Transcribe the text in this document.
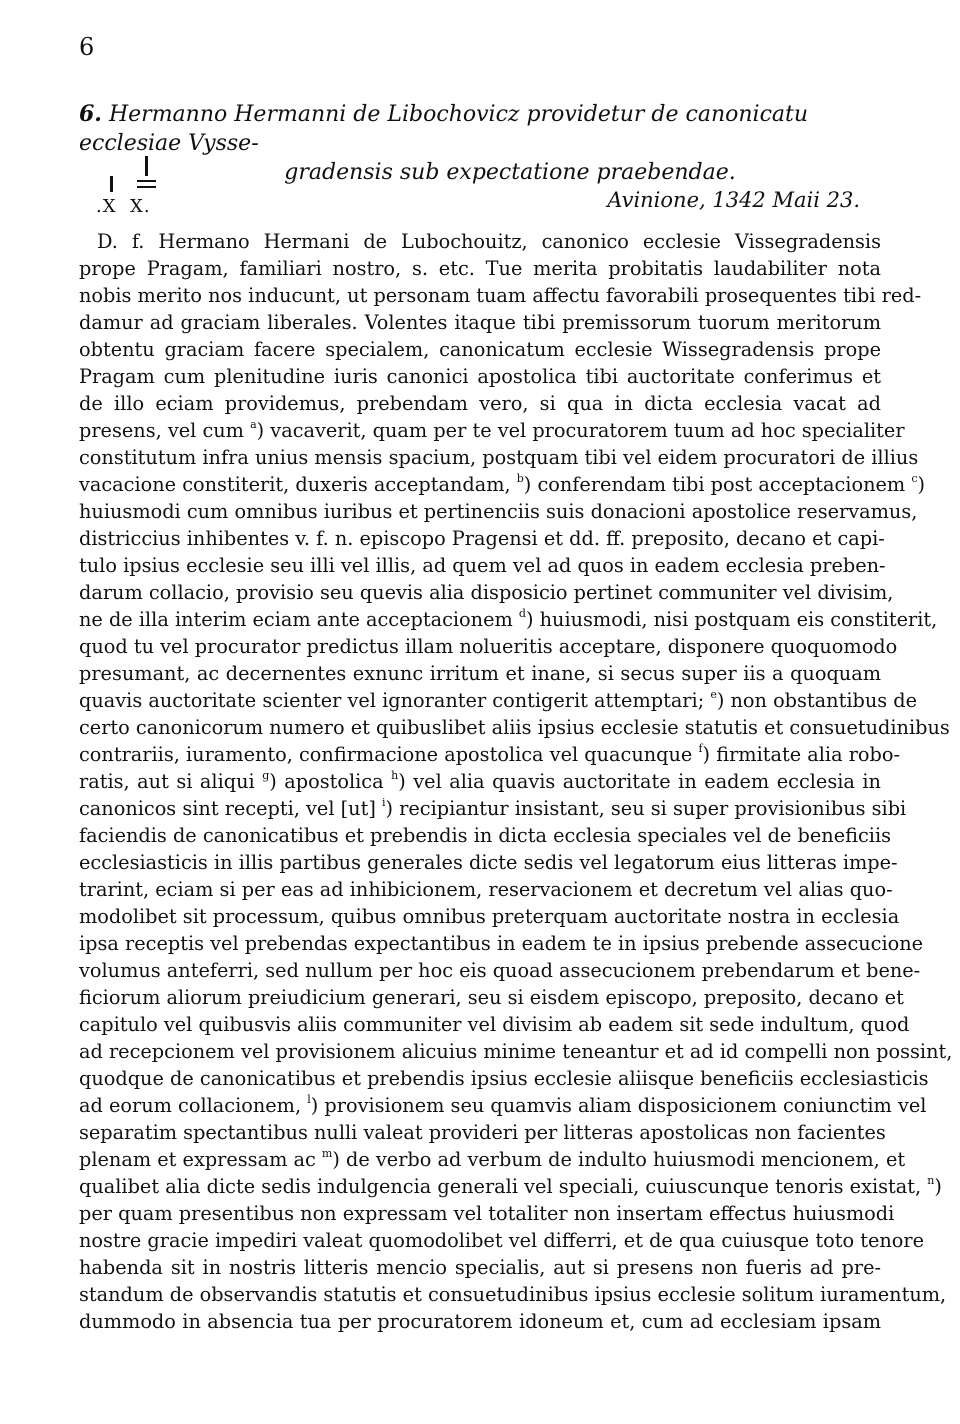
6
6. Hermanno Hermanni de Libochovicz providetur de canonicatu ecclesiae Vysse-
gradensis sub expectatione praebendae.
.X X.	Avinione, 1342 Maii 23.
D. f. Hermano Hermani de Lubochouitz, canonico ecclesie Vissegradensis
prope Pragam, familiari nostro, s. etc. Tue merita probitatis laudabiliter nota
nobis merito nos inducunt, ut personam tuam affectu favorabili prosequentes tibi red-
damur ad graciam liberales. Volentes itaque tibi premissorum tuorum meritorum
obtentu graciam facere specialem, canonicatum ecclesie Wissegradensis prope
Pragam cum plenitudine iuris canonici apostolica tibi auctoritate conferimus et
de illo eciam providemus, prebendam vero, si qua in dicta ecclesia vacat ad
presens, vel cum $^a$) vacaverit, quam per te vel procuratorem tuum ad hoc specialiter
constitutum infra unius mensis spacium, postquam tibi vel eidem procuratori de illius
vacacione constiterit, duxeris acceptandam, $^b$) conferendam tibi post acceptacionem $^c$)
huiusmodi cum omnibus iuribus et pertinenciis suis donacioni apostolice reservamus,
districcius inhibentes v. f. n. episcopo Pragensi et dd. ff. preposito, decano et capi-
tulo ipsius ecclesie seu illi vel illis, ad quem vel ad quos in eadem ecclesia preben-
darum collacio, provisio seu quevis alia disposicio pertinet communiter vel divisim,
ne de illa interim eciam ante acceptacionem $^d$) huiusmodi, nisi postquam eis constiterit,
quod tu vel procurator predictus illam nolueritis acceptare, disponere quoquomodo
presumant, ac decernentes exnunc irritum et inane, si secus super iis a quoquam
quavis auctoritate scienter vel ignoranter contigerit attemptari; $^e$) non obstantibus de
certo canonicorum numero et quibuslibet aliis ipsius ecclesie statutis et consuetudinibus
contrariis, iuramento, confirmacione apostolica vel quacunque $^f$) firmitate alia robo-
ratis, aut si aliqui $^g$) apostolica $^h$) vel alia quavis auctoritate in eadem ecclesia in
canonicos sint recepti, vel [ut] $^i$) recipiantur insistant, seu si super provisionibus sibi
faciendis de canonicatibus et prebendis in dicta ecclesia speciales vel de beneficiis
ecclesiasticis in illis partibus generales dicte sedis vel legatorum eius litteras impe-
trarint, eciam si per eas ad inhibicionem, reservacionem et decretum vel alias quo-
modolibet sit processum, quibus omnibus preterquam auctoritate nostra in ecclesia
ipsa receptis vel prebendas expectantibus in eadem te in ipsius prebende assecucione
volumus anteferri, sed nullum per hoc eis quoad assecucionem prebendarum et bene-
ficiorum aliorum preiudicium generari, seu si eisdem episcopo, preposito, decano et
capitulo vel quibusvis aliis communiter vel divisim ab eadem sit sede indultum, quod
ad recepcionem vel provisionem alicuius minime teneantur et ad id compelli non possint,
quodque de canonicatibus et prebendis ipsius ecclesie aliisque beneficiis ecclesiasticis
ad eorum collacionem, $^l$) provisionem seu quamvis aliam disposicionem coniunctim vel
separatim spectantibus nulli valeat provideri per litteras apostolicas non facientes
plenam et expressam ac $^m$) de verbo ad verbum de indulto huiusmodi mencionem, et
qualibet alia dicte sedis indulgencia generali vel speciali, cuiuscunque tenoris existat, $^n$)
per quam presentibus non expressam vel totaliter non insertam effectus huiusmodi
nostre gracie impediri valeat quomodolibet vel differri, et de qua cuiusque toto tenore
habenda sit in nostris litteris mencio specialis, aut si presens non fueris ad pre-
standum de observandis statutis et consuetudinibus ipsius ecclesie solitum iuramentum,
dummodo in absencia tua per procuratorem idoneum et, cum ad ecclesiam ipsam
